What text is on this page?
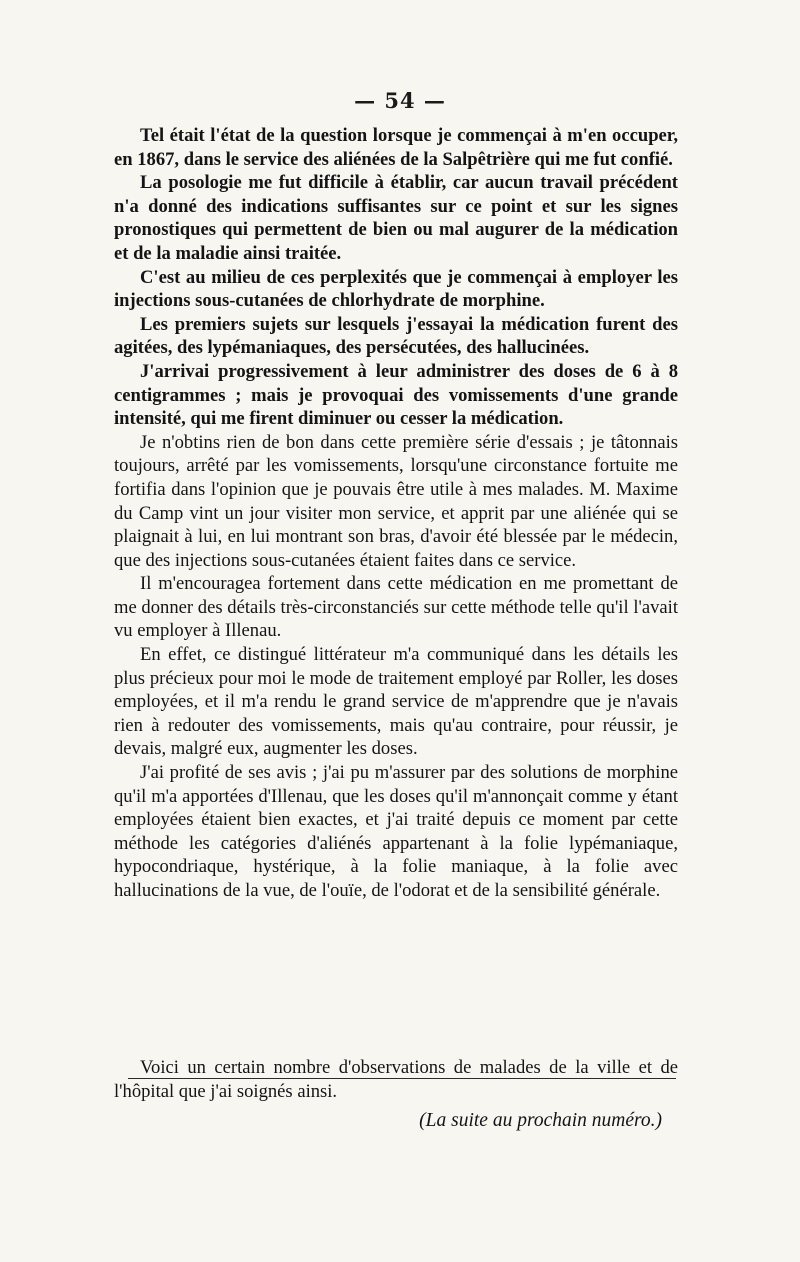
— 54 —

Tel était l'état de la question lorsque je commençai à m'en occuper, en 1867, dans le service des aliénées de la Salpêtrière qui me fut confié.

La posologie me fut difficile à établir, car aucun travail précédent n'a donné des indications suffisantes sur ce point et sur les signes pronostiques qui permettent de bien ou mal augurer de la médication et de la maladie ainsi traitée.

C'est au milieu de ces perplexités que je commençai à employer les injections sous-cutanées de chlorhydrate de morphine.

Les premiers sujets sur lesquels j'essayai la médication furent des agitées, des lypémaniaques, des persécutées, des hallucinées.

J'arrivai progressivement à leur administrer des doses de 6 à 8 centigrammes ; mais je provoquai des vomissements d'une grande intensité, qui me firent diminuer ou cesser la médication.

Je n'obtins rien de bon dans cette première série d'essais ; je tâtonnais toujours, arrêté par les vomissements, lorsqu'une circonstance fortuite me fortifia dans l'opinion que je pouvais être utile à mes malades. M. Maxime du Camp vint un jour visiter mon service, et apprit par une aliénée qui se plaignait à lui, en lui montrant son bras, d'avoir été blessée par le médecin, que des injections sous-cutanées étaient faites dans ce service.

Il m'encouragea fortement dans cette médication en me promettant de me donner des détails très-circonstanciés sur cette méthode telle qu'il l'avait vu employer à Illenau.

En effet, ce distingué littérateur m'a communiqué dans les détails les plus précieux pour moi le mode de traitement employé par Roller, les doses employées, et il m'a rendu le grand service de m'apprendre que je n'avais rien à redouter des vomissements, mais qu'au contraire, pour réussir, je devais, malgré eux, augmenter les doses.

J'ai profité de ses avis ; j'ai pu m'assurer par des solutions de morphine qu'il m'a apportées d'Illenau, que les doses qu'il m'annonçait comme y étant employées étaient bien exactes, et j'ai traité depuis ce moment par cette méthode les catégories d'aliénés appartenant à la folie lypémaniaque, hypocondriaque, hystérique, à la folie maniaque, à la folie avec hallucinations de la vue, de l'ouïe, de l'odorat et de la sensibilité générale.

Voici un certain nombre d'observations de malades de la ville et de l'hôpital que j'ai soignés ainsi.

(La suite au prochain numéro.)
